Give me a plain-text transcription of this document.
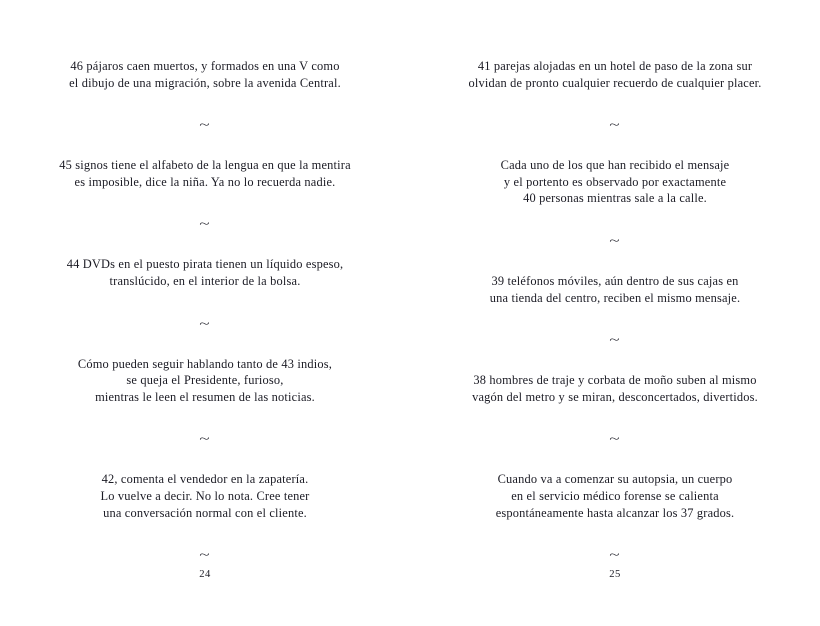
46 pájaros caen muertos, y formados en una V como
el dibujo de una migración, sobre la avenida Central.
~
45 signos tiene el alfabeto de la lengua en que la mentira
es imposible, dice la niña. Ya no lo recuerda nadie.
~
44 DVDs en el puesto pirata tienen un líquido espeso,
translúcido, en el interior de la bolsa.
~
Cómo pueden seguir hablando tanto de 43 indios,
se queja el Presidente, furioso,
mientras le leen el resumen de las noticias.
~
42, comenta el vendedor en la zapatería.
Lo vuelve a decir. No lo nota. Cree tener
una conversación normal con el cliente.
~
24
41 parejas alojadas en un hotel de paso de la zona sur
olvidan de pronto cualquier recuerdo de cualquier placer.
~
Cada uno de los que han recibido el mensaje
y el portento es observado por exactamente
40 personas mientras sale a la calle.
~
39 teléfonos móviles, aún dentro de sus cajas en
una tienda del centro, reciben el mismo mensaje.
~
38 hombres de traje y corbata de moño suben al mismo
vagón del metro y se miran, desconcertados, divertidos.
~
Cuando va a comenzar su autopsia, un cuerpo
en el servicio médico forense se calienta
espontáneamente hasta alcanzar los 37 grados.
~
25
